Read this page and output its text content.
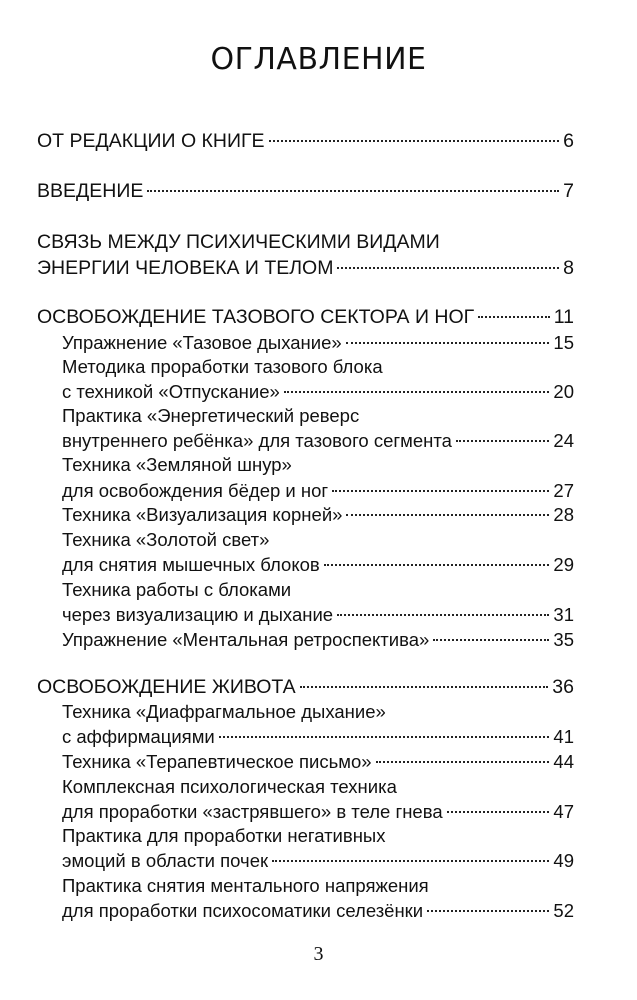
ОГЛАВЛЕНИЕ
ОТ РЕДАКЦИИ О КНИГЕ	6
ВВЕДЕНИЕ	7
СВЯЗЬ МЕЖДУ ПСИХИЧЕСКИМИ ВИДАМИ
ЭНЕРГИИ ЧЕЛОВЕКА И ТЕЛОМ	8
ОСВОБОЖДЕНИЕ ТАЗОВОГО СЕКТОРА И НОГ	11
Упражнение «Тазовое дыхание»	15
Методика проработки тазового блока
с техникой «Отпускание»	20
Практика «Энергетический реверс
внутреннего ребёнка» для тазового сегмента	24
Техника «Земляной шнур»
для освобождения бёдер и ног	27
Техника «Визуализация корней»	28
Техника «Золотой свет»
для снятия мышечных блоков	29
Техника работы с блоками
через визуализацию и дыхание	31
Упражнение «Ментальная ретроспектива»	35
ОСВОБОЖДЕНИЕ ЖИВОТА	36
Техника «Диафрагмальное дыхание»
с аффирмациями	41
Техника «Терапевтическое письмо»	44
Комплексная психологическая техника
для проработки «застрявшего» в теле гнева	47
Практика для проработки негативных
эмоций в области почек	49
Практика снятия ментального напряжения
для проработки психосоматики селезёнки	52
3
